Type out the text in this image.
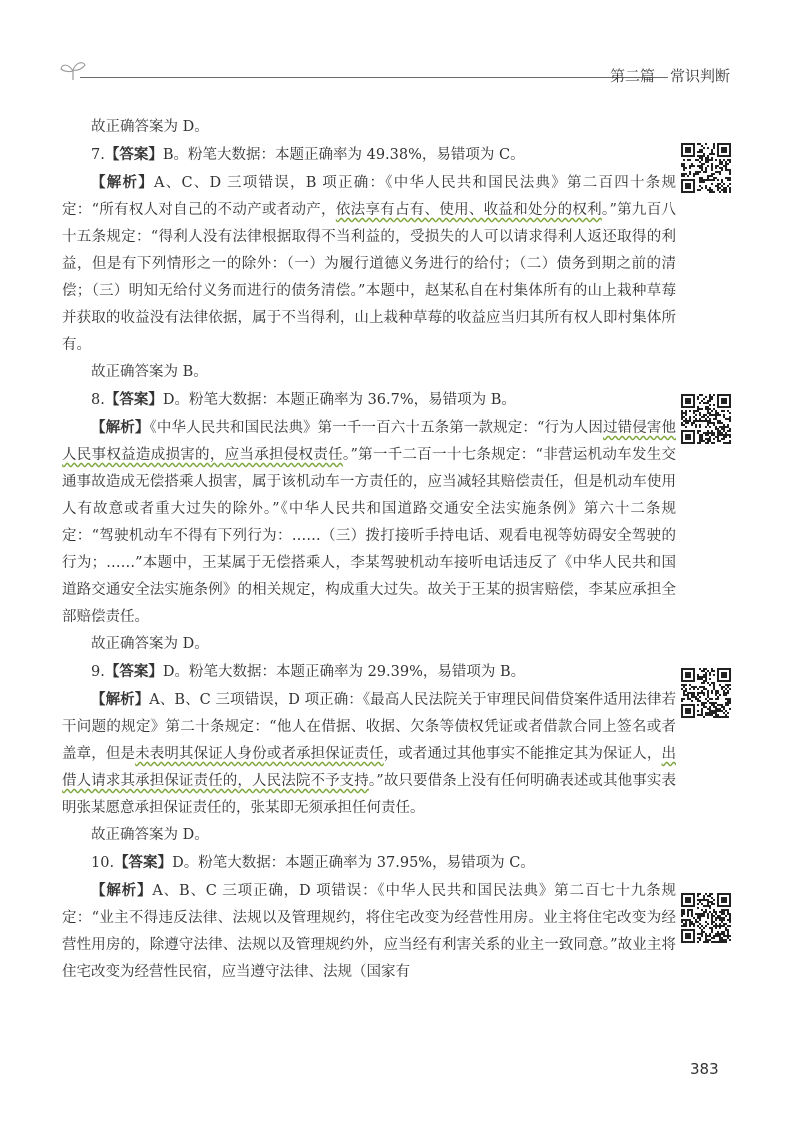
第二篇　常识判断

故正确答案为 D。

7.【答案】B。粉笔大数据：本题正确率为 49.38%，易错项为 C。

【解析】A、C、D 三项错误，B 项正确：《中华人民共和国民法典》第二百四十条规定：“所有权人对自己的不动产或者动产，依法享有占有、使用、收益和处分的权利。”第九百八十五条规定：“得利人没有法律根据取得不当利益的，受损失的人可以请求得利人返还取得的利益，但是有下列情形之一的除外：（一）为履行道德义务进行的给付；（二）债务到期之前的清偿；（三）明知无给付义务而进行的债务清偿。”本题中，赵某私自在村集体所有的山上栽种草莓并获取的收益没有法律依据，属于不当得利，山上栽种草莓的收益应当归其所有权人即村集体所有。

故正确答案为 B。

8.【答案】D。粉笔大数据：本题正确率为 36.7%，易错项为 B。

【解析】《中华人民共和国民法典》第一千一百六十五条第一款规定：“行为人因过错侵害他人民事权益造成损害的，应当承担侵权责任。”第一千二百一十七条规定：“非营运机动车发生交通事故造成无偿搭乘人损害，属于该机动车一方责任的，应当减轻其赔偿责任，但是机动车使用人有故意或者重大过失的除外。”《中华人民共和国道路交通安全法实施条例》第六十二条规定：“驾驶机动车不得有下列行为：……（三）拨打接听手持电话、观看电视等妨碍安全驾驶的行为；……”本题中，王某属于无偿搭乘人，李某驾驶机动车接听电话违反了《中华人民共和国道路交通安全法实施条例》的相关规定，构成重大过失。故关于王某的损害赔偿，李某应承担全部赔偿责任。

故正确答案为 D。

9.【答案】D。粉笔大数据：本题正确率为 29.39%，易错项为 B。

【解析】A、B、C 三项错误，D 项正确：《最高人民法院关于审理民间借贷案件适用法律若干问题的规定》第二十条规定：“他人在借据、收据、欠条等债权凭证或者借款合同上签名或者盖章，但是未表明其保证人身份或者承担保证责任，或者通过其他事实不能推定其为保证人，出借人请求其承担保证责任的，人民法院不予支持。”故只要借条上没有任何明确表述或其他事实表明张某愿意承担保证责任的，张某即无须承担任何责任。

故正确答案为 D。

10.【答案】D。粉笔大数据：本题正确率为 37.95%，易错项为 C。

【解析】A、B、C 三项正确，D 项错误：《中华人民共和国民法典》第二百七十九条规定：“业主不得违反法律、法规以及管理规约，将住宅改变为经营性用房。业主将住宅改变为经营性用房的，除遵守法律、法规以及管理规约外，应当经有利害关系的业主一致同意。”故业主将住宅改变为经营性民宿，应当遵守法律、法规（国家有

383
